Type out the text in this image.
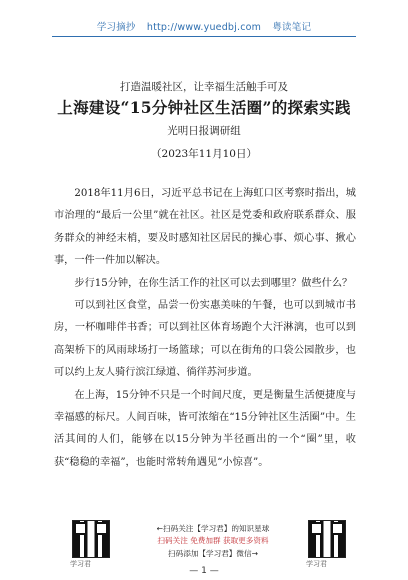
学习摘抄 http://www.yuedbj.com 粤读笔记
打造温暖社区，让幸福生活触手可及
上海建设“15分钟社区生活圈”的探索实践
光明日报调研组
（2023年11月10日）

2018年11月6日，习近平总书记在上海虹口区考察时指出，城市治理的“最后一公里”就在社区。社区是党委和政府联系群众、服务群众的神经末梢，要及时感知社区居民的操心事、烦心事、揪心事，一件一件加以解决。

步行15分钟，在你生活工作的社区可以去到哪里？做些什么？

可以到社区食堂，品尝一份实惠美味的午餐，也可以到城市书房，一杯咖啡伴书香；可以到社区体育场跑个大汗淋漓，也可以到高架桥下的风雨球场打一场篮球；可以在街角的口袋公园散步，也可以约上友人骑行滨江绿道、徜徉苏河步道。

在上海，15分钟不只是一个时间尺度，更是衡量生活便捷度与幸福感的标尺。人间百味，皆可浓缩在“15分钟社区生活圈”中。生活其间的人们，能够在以15分钟为半径画出的一个“圈”里，收获“稳稳的幸福”，也能时常转角遇见“小惊喜”。

学习君
←扫码关注【学习君】的知识星球
扫码关注 免费加群 获取更多资料
扫码添加【学习君】微信→
学习君
— 1 —
